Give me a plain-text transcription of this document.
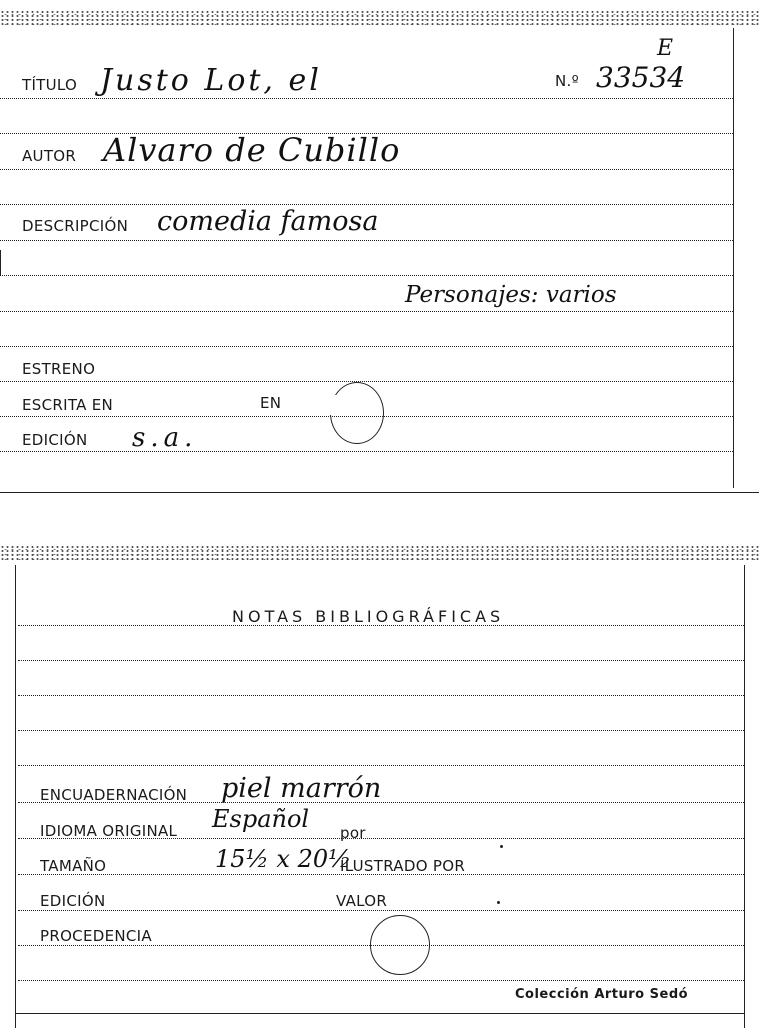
TÍTULO Justo Lot, el	N.º 33534
E
AUTOR Alvaro de Cubillo
DESCRIPCIÓN comedia famosa
Personajes: varios
ESTRENO
ESCRITA EN	EN
EDICIÓN s.a.
NOTAS BIBLIOGRÁFICAS
ENCUADERNACIÓN piel marrón
IDIOMA ORIGINAL Español por
TAMAÑO	15½ x 20½
ILUSTRADO POR
EDICIÓN	VALOR
PROCEDENCIA
Colección Arturo Sedó
